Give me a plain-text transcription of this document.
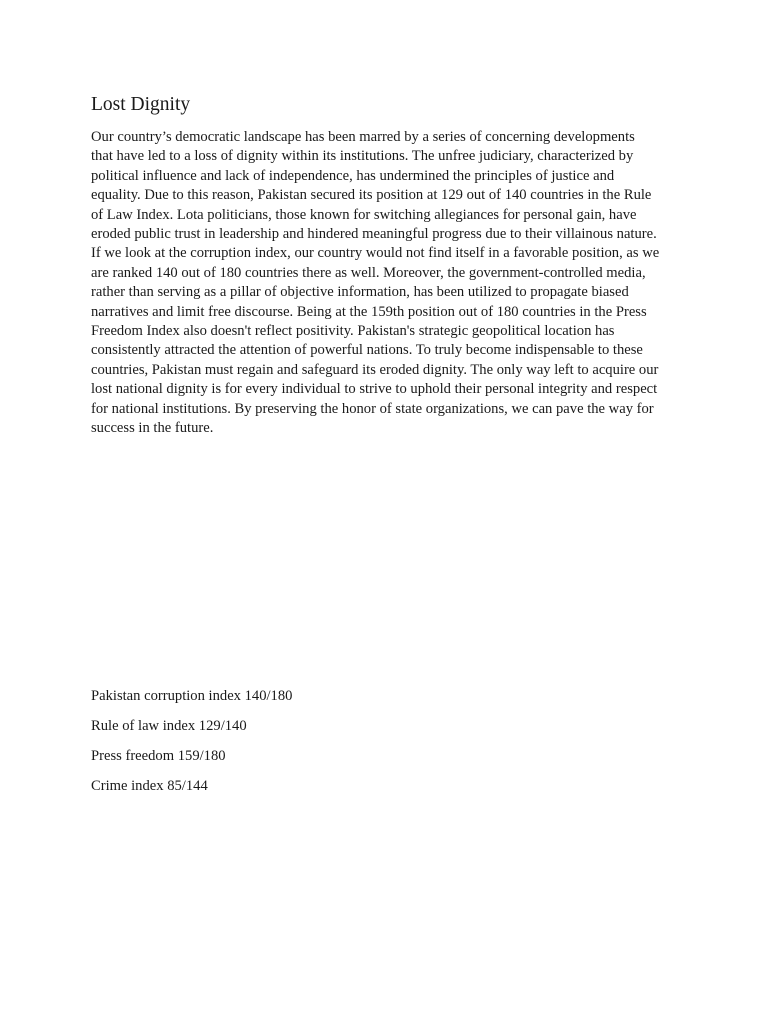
Lost Dignity

Our country’s democratic landscape has been marred by a series of concerning developments
that have led to a loss of dignity within its institutions. The unfree judiciary, characterized by
political influence and lack of independence, has undermined the principles of justice and
equality. Due to this reason, Pakistan secured its position at 129 out of 140 countries in the Rule
of Law Index. Lota politicians, those known for switching allegiances for personal gain, have
eroded public trust in leadership and hindered meaningful progress due to their villainous nature.
If we look at the corruption index, our country would not find itself in a favorable position, as we
are ranked 140 out of 180 countries there as well. Moreover, the government-controlled media,
rather than serving as a pillar of objective information, has been utilized to propagate biased
narratives and limit free discourse. Being at the 159th position out of 180 countries in the Press
Freedom Index also doesn't reflect positivity. Pakistan's strategic geopolitical location has
consistently attracted the attention of powerful nations. To truly become indispensable to these
countries, Pakistan must regain and safeguard its eroded dignity. The only way left to acquire our
lost national dignity is for every individual to strive to uphold their personal integrity and respect
for national institutions. By preserving the honor of state organizations, we can pave the way for
success in the future.

Pakistan corruption index 140/180
Rule of law index 129/140
Press freedom 159/180
Crime index 85/144
